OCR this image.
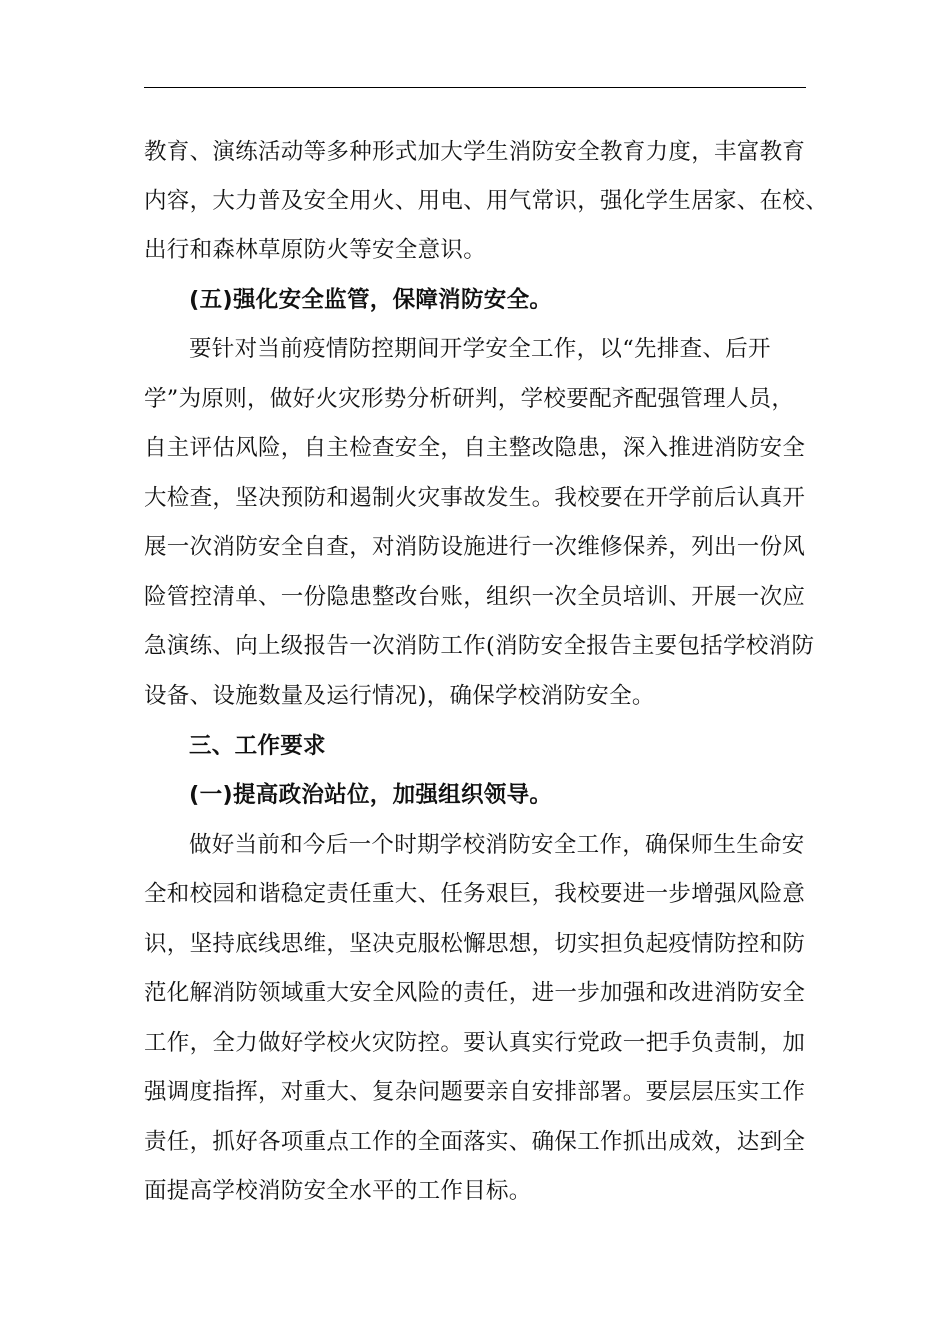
教育、演练活动等多种形式加大学生消防安全教育力度，丰富教育
内容，大力普及安全用火、用电、用气常识，强化学生居家、在校、
出行和森林草原防火等安全意识。
(五)强化安全监管，保障消防安全。
要针对当前疫情防控期间开学安全工作，以“先排查、后开
学”为原则，做好火灾形势分析研判，学校要配齐配强管理人员，
自主评估风险，自主检查安全，自主整改隐患，深入推进消防安全
大检查，坚决预防和遏制火灾事故发生。我校要在开学前后认真开
展一次消防安全自查，对消防设施进行一次维修保养，列出一份风
险管控清单、一份隐患整改台账，组织一次全员培训、开展一次应
急演练、向上级报告一次消防工作(消防安全报告主要包括学校消防
设备、设施数量及运行情况)，确保学校消防安全。
三、工作要求
(一)提高政治站位，加强组织领导。
做好当前和今后一个时期学校消防安全工作，确保师生生命安
全和校园和谐稳定责任重大、任务艰巨，我校要进一步增强风险意
识，坚持底线思维，坚决克服松懈思想，切实担负起疫情防控和防
范化解消防领域重大安全风险的责任，进一步加强和改进消防安全
工作，全力做好学校火灾防控。要认真实行党政一把手负责制，加
强调度指挥，对重大、复杂问题要亲自安排部署。要层层压实工作
责任，抓好各项重点工作的全面落实、确保工作抓出成效，达到全
面提高学校消防安全水平的工作目标。
